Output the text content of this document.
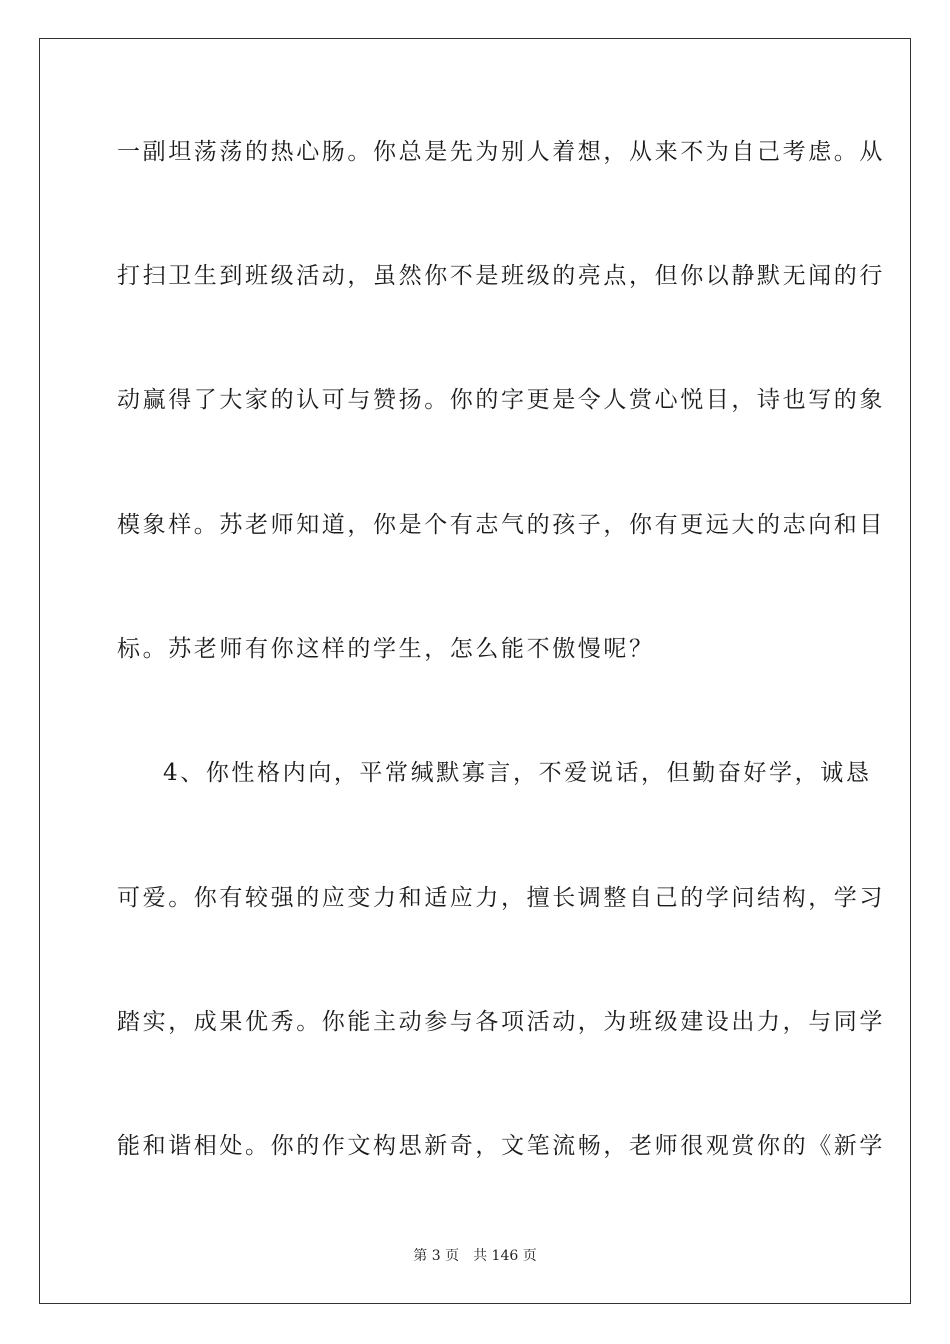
一副坦荡荡的热心肠。你总是先为别人着想，从来不为自己考虑。从
打扫卫生到班级活动，虽然你不是班级的亮点，但你以静默无闻的行
动赢得了大家的认可与赞扬。你的字更是令人赏心悦目，诗也写的象
模象样。苏老师知道，你是个有志气的孩子，你有更远大的志向和目
标。苏老师有你这样的学生，怎么能不傲慢呢？
4、你性格内向，平常缄默寡言，不爱说话，但勤奋好学，诚恳
可爱。你有较强的应变力和适应力，擅长调整自己的学问结构，学习
踏实，成果优秀。你能主动参与各项活动，为班级建设出力，与同学
能和谐相处。你的作文构思新奇，文笔流畅，老师很观赏你的《新学
第 3 页 共 146 页
